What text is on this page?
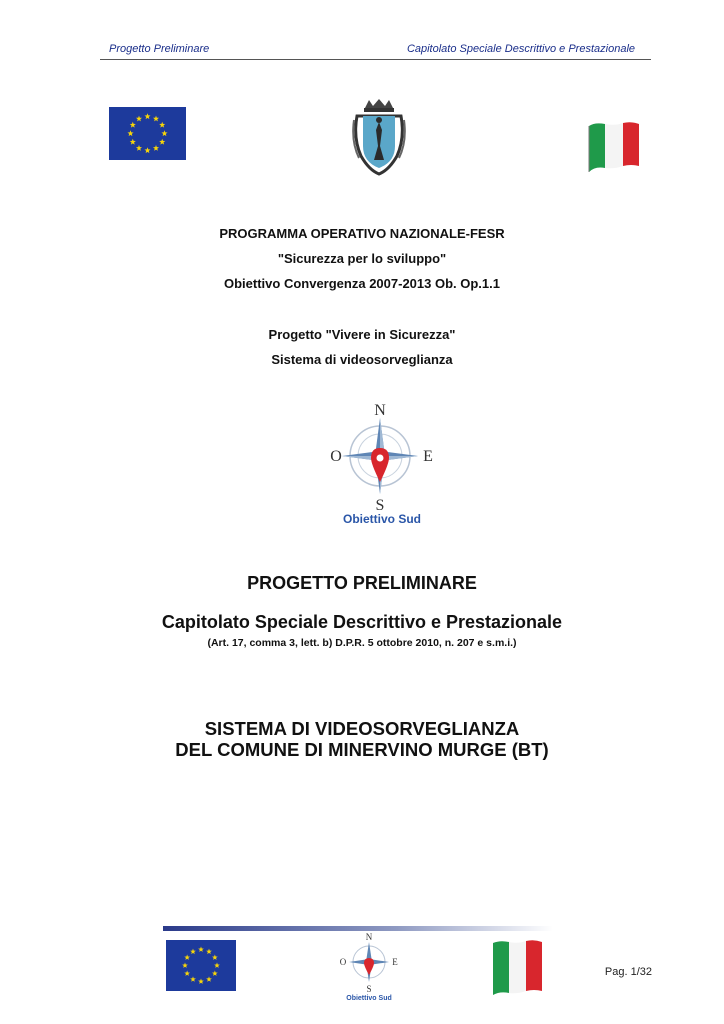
Progetto Preliminare	Capitolato Speciale Descrittivo e Prestazionale
PROGRAMMA OPERATIVO NAZIONALE-FESR
"Sicurezza per lo sviluppo"
Obiettivo Convergenza 2007-2013 Ob. Op.1.1
Progetto "Vivere in Sicurezza"
Sistema di videosorveglianza
N
S
O	E
Obiettivo Sud
PROGETTO PRELIMINARE
Capitolato Speciale Descrittivo e Prestazionale
(Art. 17, comma 3, lett. b) D.P.R. 5 ottobre 2010, n. 207 e s.m.i.)
SISTEMA DI VIDEOSORVEGLIANZA
DEL COMUNE DI MINERVINO MURGE (BT)
N
S
O	E
Obiettivo Sud
Pag. 1/32
